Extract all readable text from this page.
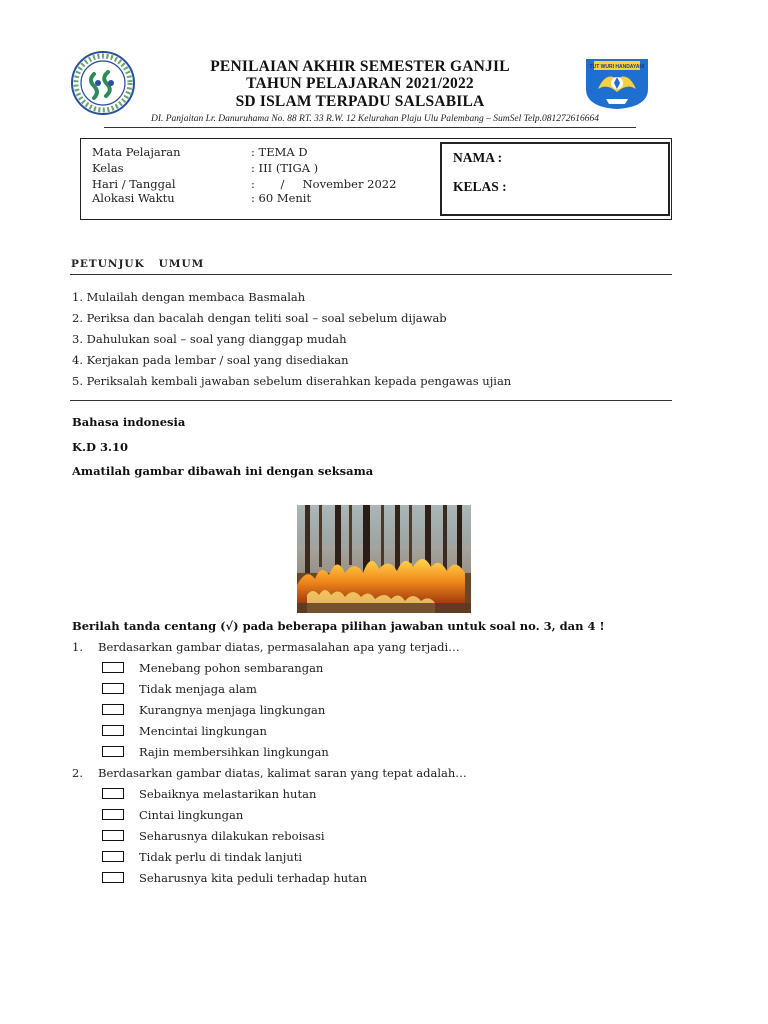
TUT WURI HANDAYANI
PENILAIAN AKHIR SEMESTER GANJIL
TAHUN PELAJARAN 2021/2022
SD ISLAM TERPADU SALSABILA
DI. Panjaitan Lr. Danuruhama No. 88 RT. 33 R.W. 12 Kelurahan Plaju Ulu Palembang – SumSel Telp.081272616664
Mata Pelajaran	: TEMA D
Kelas	: III (TIGA )
Hari / Tanggal	:       /     November 2022
Alokasi Waktu	: 60 Menit
NAMA :
KELAS :
PETUNJUK   UMUM
1. Mulailah dengan membaca Basmalah
2. Periksa dan bacalah dengan teliti soal – soal sebelum dijawab
3. Dahulukan soal – soal yang dianggap mudah
4. Kerjakan pada lembar / soal yang disediakan
5. Periksalah kembali jawaban sebelum diserahkan kepada pengawas ujian
Bahasa indonesia
K.D 3.10
Amatilah gambar dibawah ini dengan seksama
Berilah tanda centang (√) pada beberapa pilihan jawaban untuk soal no. 3, dan 4 !
1. Berdasarkan gambar diatas, permasalahan apa yang terjadi…
Menebang pohon sembarangan
Tidak menjaga alam
Kurangnya menjaga lingkungan
Mencintai lingkungan
Rajin membersihkan lingkungan
2. Berdasarkan gambar diatas, kalimat saran yang tepat adalah…
Sebaiknya melastarikan hutan
Cintai lingkungan
Seharusnya dilakukan reboisasi
Tidak perlu di tindak lanjuti
Seharusnya kita peduli terhadap hutan
